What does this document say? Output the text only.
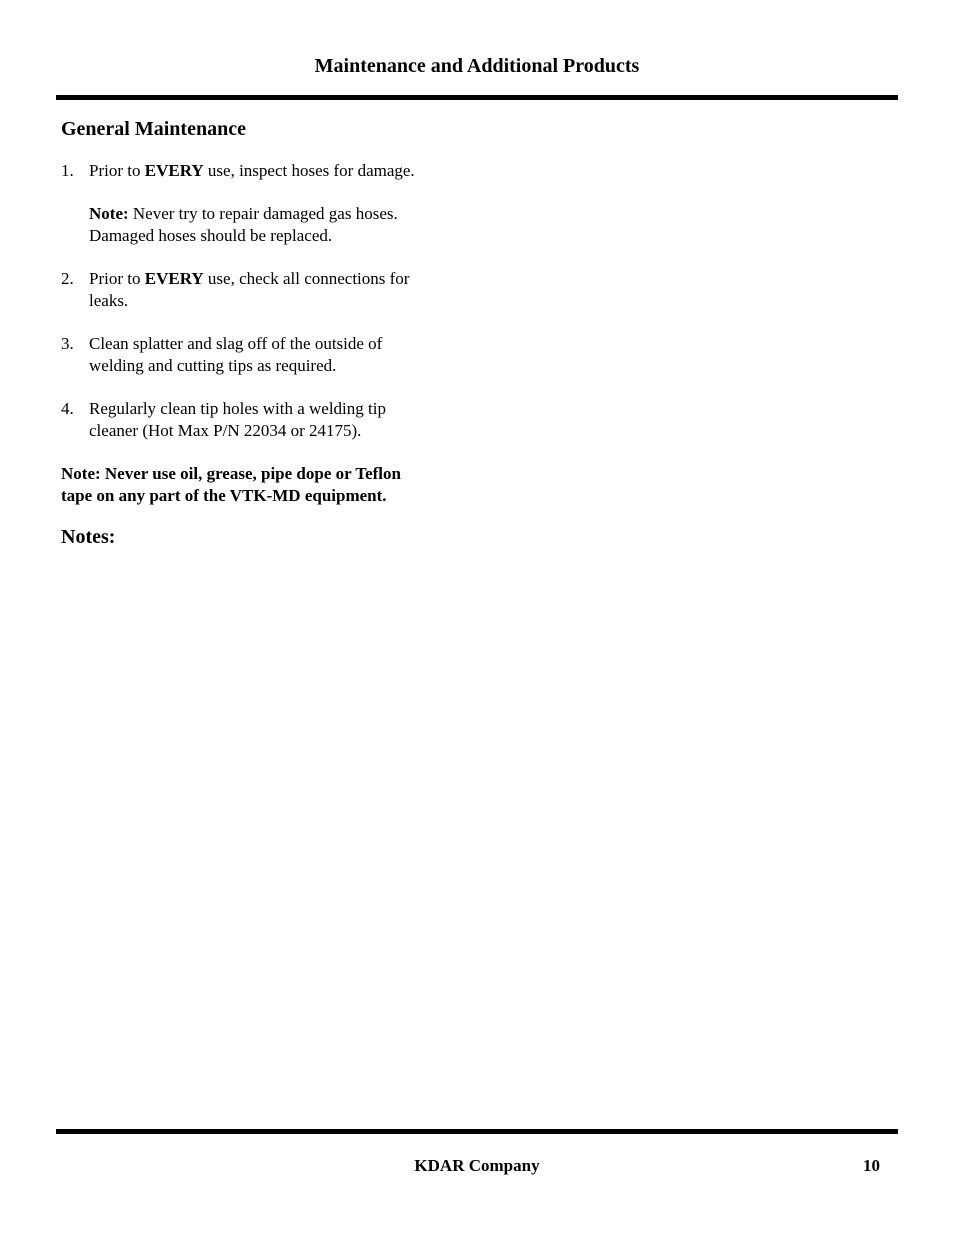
Maintenance and Additional Products
General Maintenance
1. Prior to EVERY use, inspect hoses for damage.
Note: Never try to repair damaged gas hoses.
Damaged hoses should be replaced.
2. Prior to EVERY use, check all connections for
leaks.
3. Clean splatter and slag off of the outside of
welding and cutting tips as required.
4. Regularly clean tip holes with a welding tip
cleaner (Hot Max P/N 22034 or 24175).
Note: Never use oil, grease, pipe dope or Teflon
tape on any part of the VTK-MD equipment.
Notes:
KDAR Company	10
